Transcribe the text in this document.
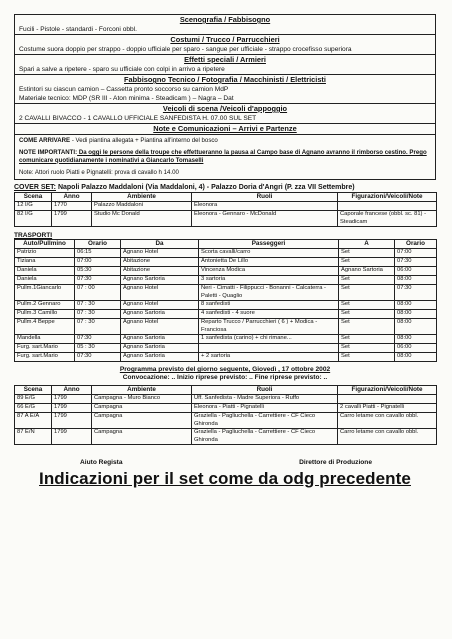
Scenografia / Fabbisogno
Fucili - Pistole - standardi - Forconi obbl.
Costumi / Trucco / Parrucchieri
Costume suora doppio per strappo - doppio ufficiale per sparo - sangue per ufficiale - strappo crocefisso superiora
Effetti speciali / Armieri
Spari a salve a ripetere - sparo su ufficiale con colpi in arrivo a ripetere
Fabbisogno Tecnico / Fotografia / Macchinisti / Elettricisti
Estintori su ciascun camion – Cassetta pronto soccorso su camion MdP
Materiale tecnico: MDP (SR III - Aton minima - Steadicam ) – Nagra – Dat
Veicoli di scena /Veicoli d'appoggio
2 CAVALLI BIVACCO - 1 CAVALLO UFFICIALE SANFEDISTA H. 07.00 SUL SET
Note e Comunicazioni – Arrivi e Partenze
COME ARRIVARE - Vedi piantina allegata + Piantina all'interno del bosco
NOTE IMPORTANTI: Da oggi le persone della troupe che effettueranno la pausa al Campo base di Agnano avranno il rimborso cestino. Prego comunicare quotidianamente i nominativi a Giancarlo Tomaselli
Note: Attori ruolo Piatti e Pignatelli: prova di cavallo h 14.00
COVER SET: Napoli Palazzo Maddaloni (Via Maddaloni, 4) - Palazzo Doria d'Angri (P. zza VII Settembre)
Scena	Anno	Ambiente	Ruoli	Figurazioni/Veicoli/Note
12 I/G	1770	Palazzo Maddaloni	Eleonora	
82 I/G	1799	Studio Mc Donald	Eleonora - Gennaro - McDonald	Caporale francese (obbl. sc. 81) - Steadicam
TRASPORTI
Auto/Pullmino	Orario	Da	Passeggeri	A	Orario
Patrizio	06:15	Agnano Hotel	Scorta cavalli/carro	Set	07:00
Tiziana	07:00	Abitazione	Antonietta De Lillo	Set	07:30
Daniela	05:30	Abitazione	Vincenza Modica	Agnano Sartoria	06:00
Daniela	07:30	Agnano Sartoria	3 sartoria	Set	08:00
Pullm.1Giancarlo	07 : 00	Agnano Hotel	Neri - Cimatti - Filippucci - Bonanni - Calcaterra - Paletti - Quaglio	Set	07:30
Pullm.2 Gennaro	07 : 30	Agnano Hotel	8 sanfedisti	Set	08:00
Pullm.3 Camillo	07 : 30	Agnano Sartoria	4 sanfedisti - 4 suore	Set	08:00
Pullm.4 Beppe	07 : 30	Agnano Hotel	Reparto Trucco / Parrucchieri ( 6 ) + Modica - Franciosa	Set	08:00
Mandella	07:30	Agnano Sartoria	1 sanfedista (carino) + chi rimane...	Set	08:00
Furg. sart.Mario	05 : 30	Agnano Sartoria		Set	06:00
Furg. sart.Mario	07:30	Agnano Sartoria	+ 2 sartoria	Set	08:00
Programma previsto del giorno seguente, Giovedì , 17 ottobre 2002
Convocazione: .. Inizio riprese previsto: .. Fine riprese previsto: ..
Scena	Anno	Ambiente	Ruoli	Figurazioni/Veicoli/Note
89 E/G	1799	Campagna - Muro Bianco	Uff. Sanfedista - Madre Superiora - Ruffo	
66 E/G	1799	Campagna	Eleonora - Piatti - Pignatelli	2 cavalli Piatti - Pignatelli
87 A E/A	1799	Campagna	Graziella - Pagliuchella - Carrettiere - CF Cieco Ghironda	Carro letame con cavallo obbl.
87 E/N	1799	Campagna	Graziella - Pagliuchella - Carrettiere - CF Cieco Ghironda	Carro letame con cavallo obbl.
Aiuto Regista	Direttore di Produzione
Indicazioni per il set come da odg precedente
